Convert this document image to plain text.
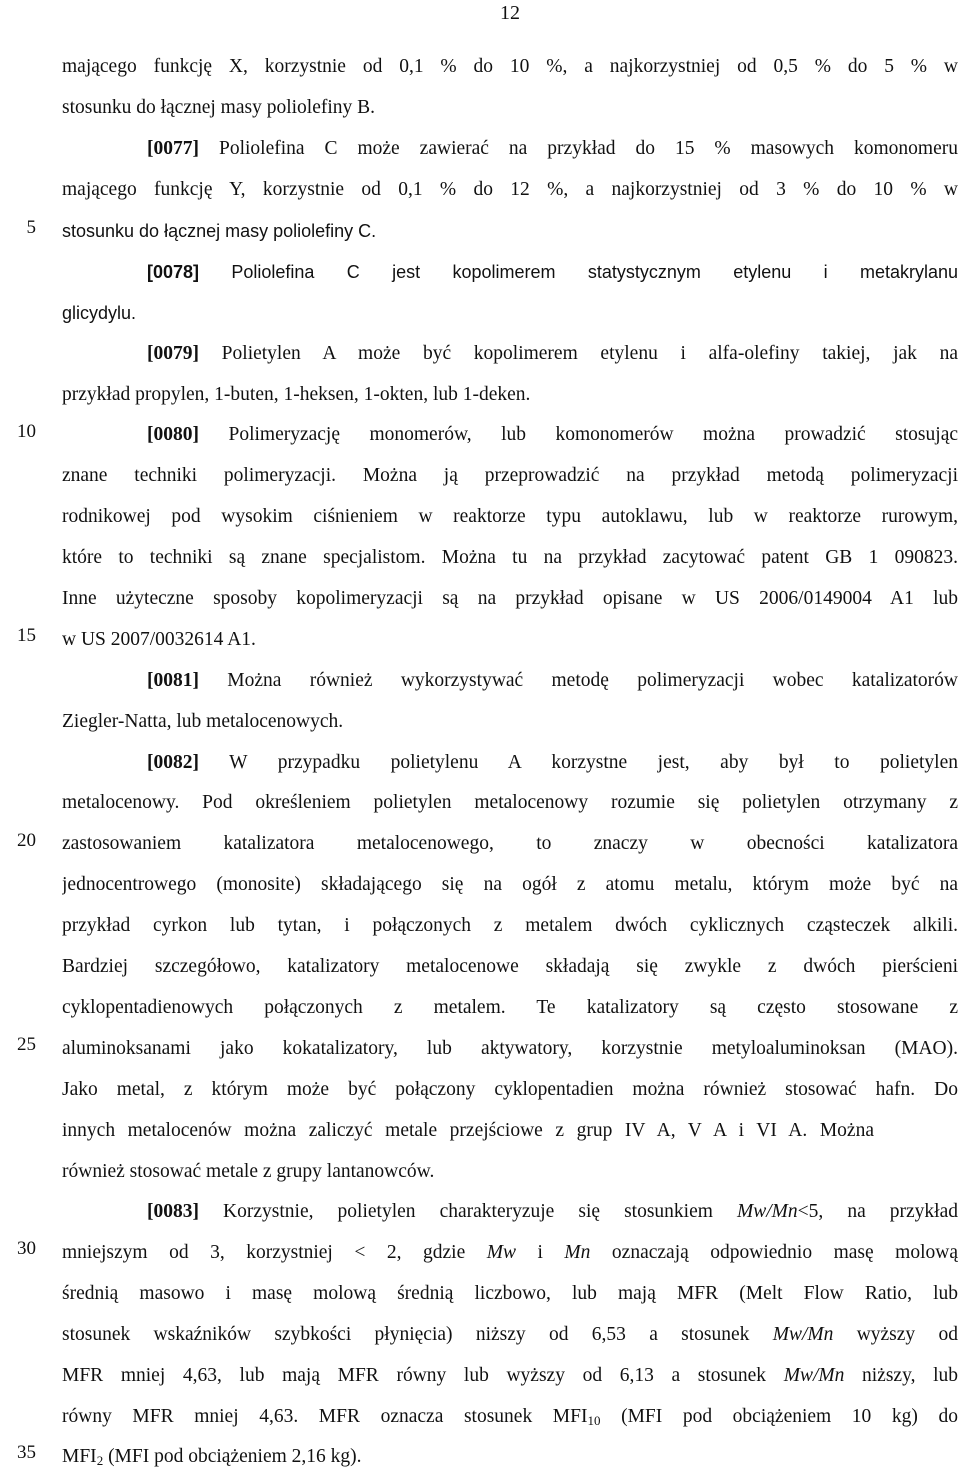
12
5
10
15
20
25
30
35
mającego funkcję X, korzystnie od 0,1 % do 10 %, a najkorzystniej od 0,5 % do 5 % w
stosunku do łącznej masy poliolefiny B.
[0077] Poliolefina C może zawierać na przykład do 15 % masowych komonomeru
mającego funkcję Y, korzystnie od 0,1 % do 12 %, a najkorzystniej od 3 % do 10 % w
stosunku do łącznej masy poliolefiny C.
[0078] Poliolefina C jest kopolimerem statystycznym etylenu i metakrylanu
glicydylu.
[0079] Polietylen A może być kopolimerem etylenu i alfa-olefiny takiej, jak na
przykład propylen, 1-buten, 1-heksen, 1-okten, lub 1-deken.
[0080] Polimeryzację monomerów, lub komonomerów można prowadzić stosując
znane techniki polimeryzacji. Można ją przeprowadzić na przykład metodą polimeryzacji
rodnikowej pod wysokim ciśnieniem w reaktorze typu autoklawu, lub w reaktorze rurowym,
które to techniki są znane specjalistom. Można tu na przykład zacytować patent GB 1 090823.
Inne użyteczne sposoby kopolimeryzacji są na przykład opisane w US 2006/0149004 A1 lub
w US 2007/0032614 A1.
[0081] Można również wykorzystywać metodę polimeryzacji wobec katalizatorów
Ziegler-Natta, lub metalocenowych.
[0082] W przypadku polietylenu A korzystne jest, aby był to polietylen
metalocenowy. Pod określeniem polietylen metalocenowy rozumie się polietylen otrzymany z
zastosowaniem katalizatora metalocenowego, to znaczy w obecności katalizatora
jednocentrowego (monosite) składającego się na ogół z atomu metalu, którym może być na
przykład cyrkon lub tytan, i połączonych z metalem dwóch cyklicznych cząsteczek alkili.
Bardziej szczegółowo, katalizatory metalocenowe składają się zwykle z dwóch pierścieni
cyklopentadienowych połączonych z metalem. Te katalizatory są często stosowane z
aluminoksanami jako kokatalizatory, lub aktywatory, korzystnie metyloaluminoksan (MAO).
Jako metal, z którym może być połączony cyklopentadien można również stosować hafn. Do
innych metalocenów można zaliczyć metale przejściowe z grup IV A, V A i VI A. Można
również stosować metale z grupy lantanowców.
[0083] Korzystnie, polietylen charakteryzuje się stosunkiem Mw/Mn<5, na przykład
mniejszym od 3, korzystniej < 2, gdzie Mw i Mn oznaczają odpowiednio masę molową
średnią masowo i masę molową średnią liczbowo, lub mają MFR (Melt Flow Ratio, lub
stosunek wskaźników szybkości płynięcia) niższy od 6,53 a stosunek Mw/Mn wyższy od
MFR mniej 4,63, lub mają MFR równy lub wyższy od 6,13 a stosunek Mw/Mn niższy, lub
równy MFR mniej 4,63. MFR oznacza stosunek $MFI_{10}$ (MFI pod obciążeniem 10 kg) do
$MFI_2$ (MFI pod obciążeniem 2,16 kg).
